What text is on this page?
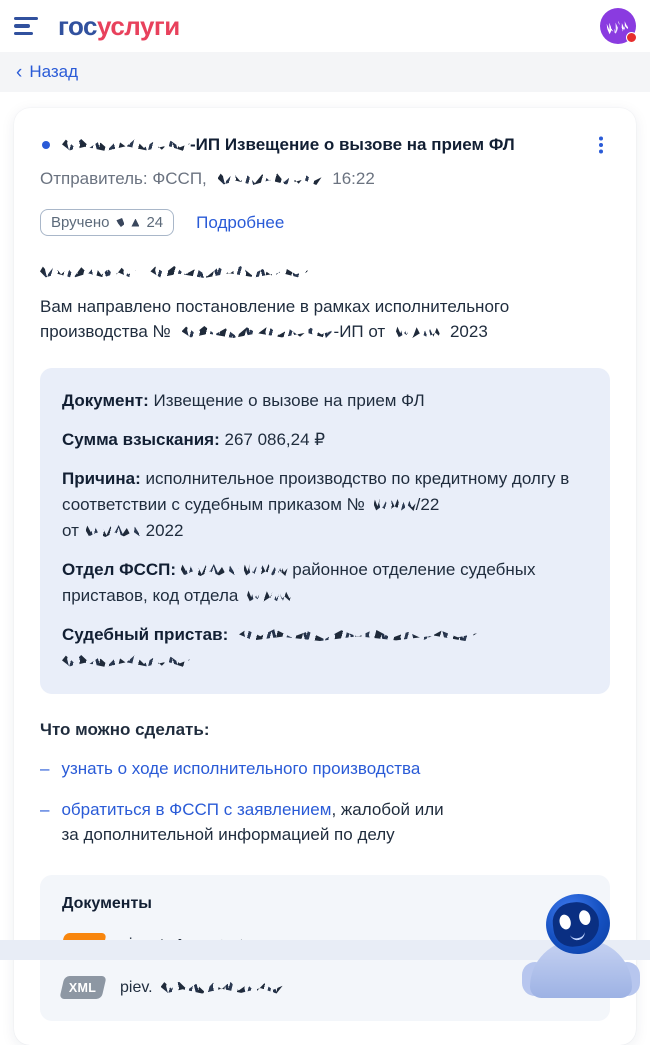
госуслуги
‹ Назад
-ИП Извещение о вызове на прием ФЛ

Отправитель: ФССП,	16:22

Вручено 24 Подробнее

Вам направлено постановление в рамках исполнительного
производства №	-ИП от	2023

Документ: Извещение о вызове на прием ФЛ

Сумма взыскания: 267 086,24 ₽

Причина: исполнительное производство по кредитному долгу в соответствии с судебным приказом №	/22
от	2022

Отдел ФССП:	районное отделение судебных
приставов, код отдела

Судебный пристав:

Что можно сделать:
– узнать о ходе исполнительного производства
– обратиться в ФССП с заявлением, жалобой или
за дополнительной информацией по делу
Документы
XML piev.
